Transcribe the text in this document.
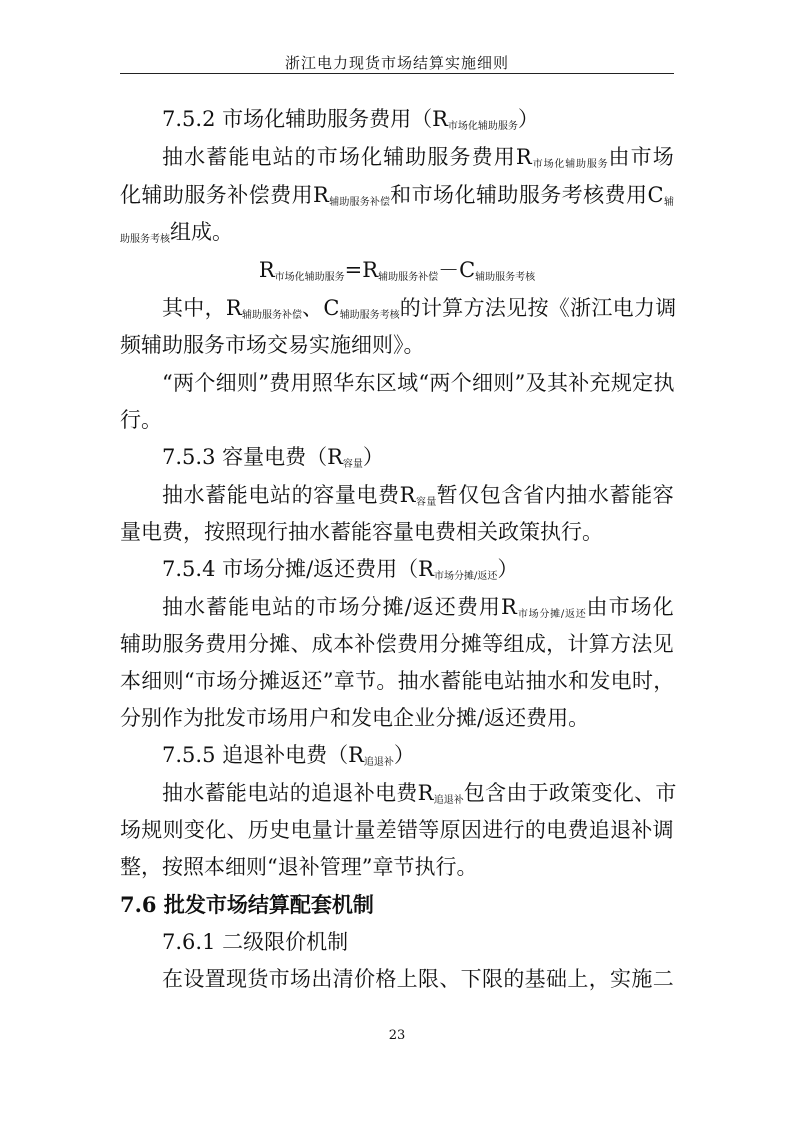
浙江电力现货市场结算实施细则
7.5.2 市场化辅助服务费用$(R_{市场化辅助服务})$
抽水蓄能电站的市场化辅助服务费用$R_{市场化辅助服务}$由市场
化辅助服务补偿费用$R_{辅助服务补偿}$和市场化辅助服务考核费用$C_辅$
$_{助服务考核}$组成。
$R_{市场化辅助服务}=R_{辅助服务补偿}-C_{辅助服务考核}$
其中，$R_{辅助服务补偿}$、$C_{辅助服务考核}$的计算方法见按《浙江电力调
频辅助服务市场交易实施细则》。
“两个细则”费用照华东区域“两个细则”及其补充规定执
行。
7.5.3 容量电费$(R_{容量})$
抽水蓄能电站的容量电费$R_{容量}$暂仅包含省内抽水蓄能容
量电费，按照现行抽水蓄能容量电费相关政策执行。
7.5.4 市场分摊/返还费用$(R_{市场分摊/返还})$
抽水蓄能电站的市场分摊/返还费用$R_{市场分摊/返还}$由市场化
辅助服务费用分摊、成本补偿费用分摊等组成，计算方法见
本细则“市场分摊返还”章节。抽水蓄能电站抽水和发电时，
分别作为批发市场用户和发电企业分摊/返还费用。
7.5.5 追退补电费$(R_{追退补})$
抽水蓄能电站的追退补电费$R_{追退补}$包含由于政策变化、市
场规则变化、历史电量计量差错等原因进行的电费追退补调
整，按照本细则“退补管理”章节执行。
7.6 批发市场结算配套机制
7.6.1 二级限价机制
在设置现货市场出清价格上限、下限的基础上，实施二
23
